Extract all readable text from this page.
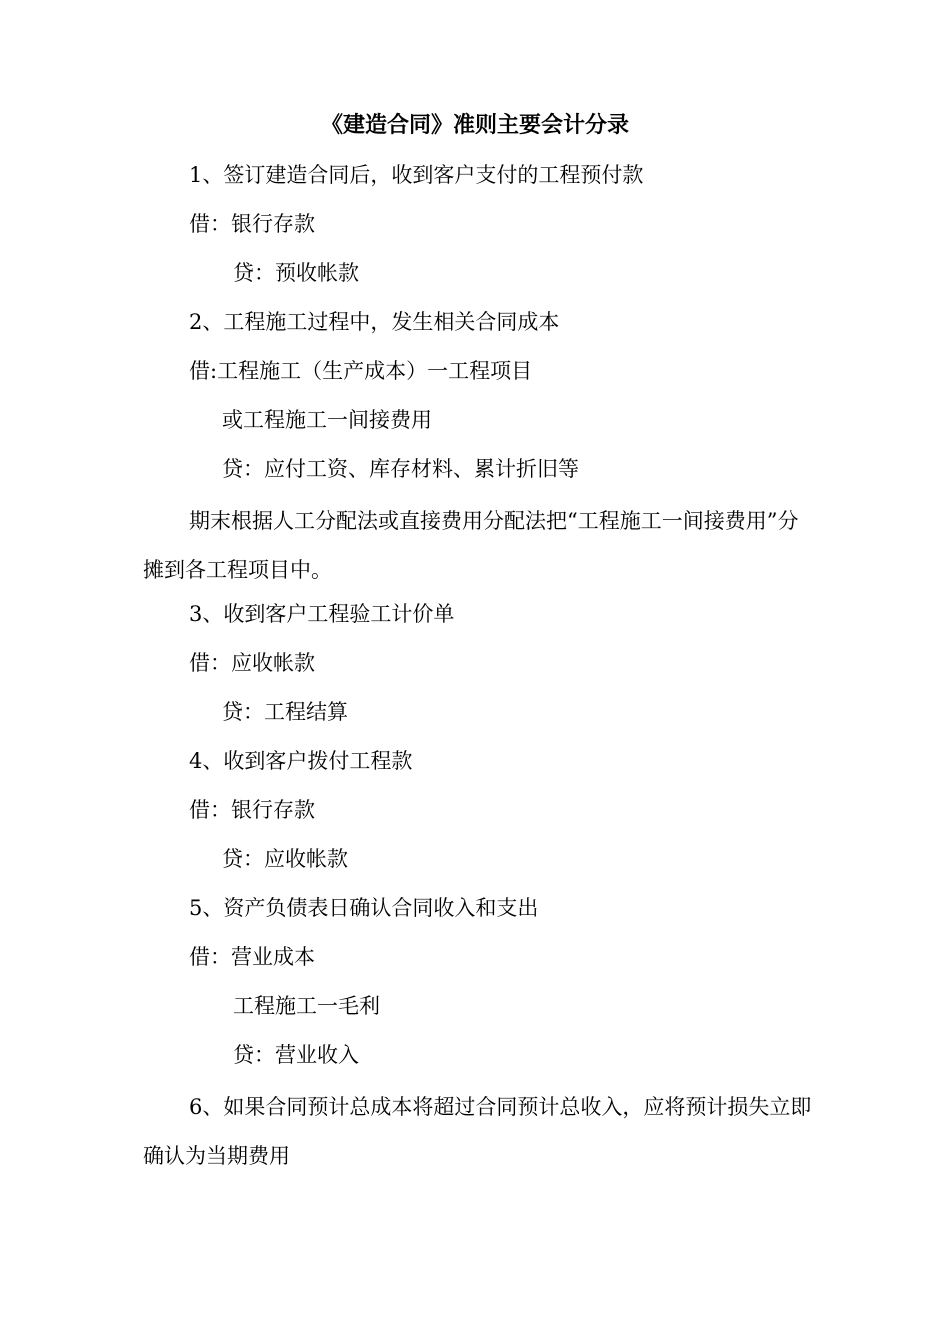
《建造合同》准则主要会计分录
1、签订建造合同后，收到客户支付的工程预付款
借：银行存款
贷：预收帐款
2、工程施工过程中，发生相关合同成本
借:工程施工（生产成本）一工程项目
或工程施工一间接费用
贷：应付工资、库存材料、累计折旧等
期末根据人工分配法或直接费用分配法把“工程施工一间接费用”分摊到各工程项目中。
3、收到客户工程验工计价单
借：应收帐款
贷：工程结算
4、收到客户拨付工程款
借：银行存款
贷：应收帐款
5、资产负债表日确认合同收入和支出
借：营业成本
工程施工一毛利
贷：营业收入
6、如果合同预计总成本将超过合同预计总收入，应将预计损失立即确认为当期费用
